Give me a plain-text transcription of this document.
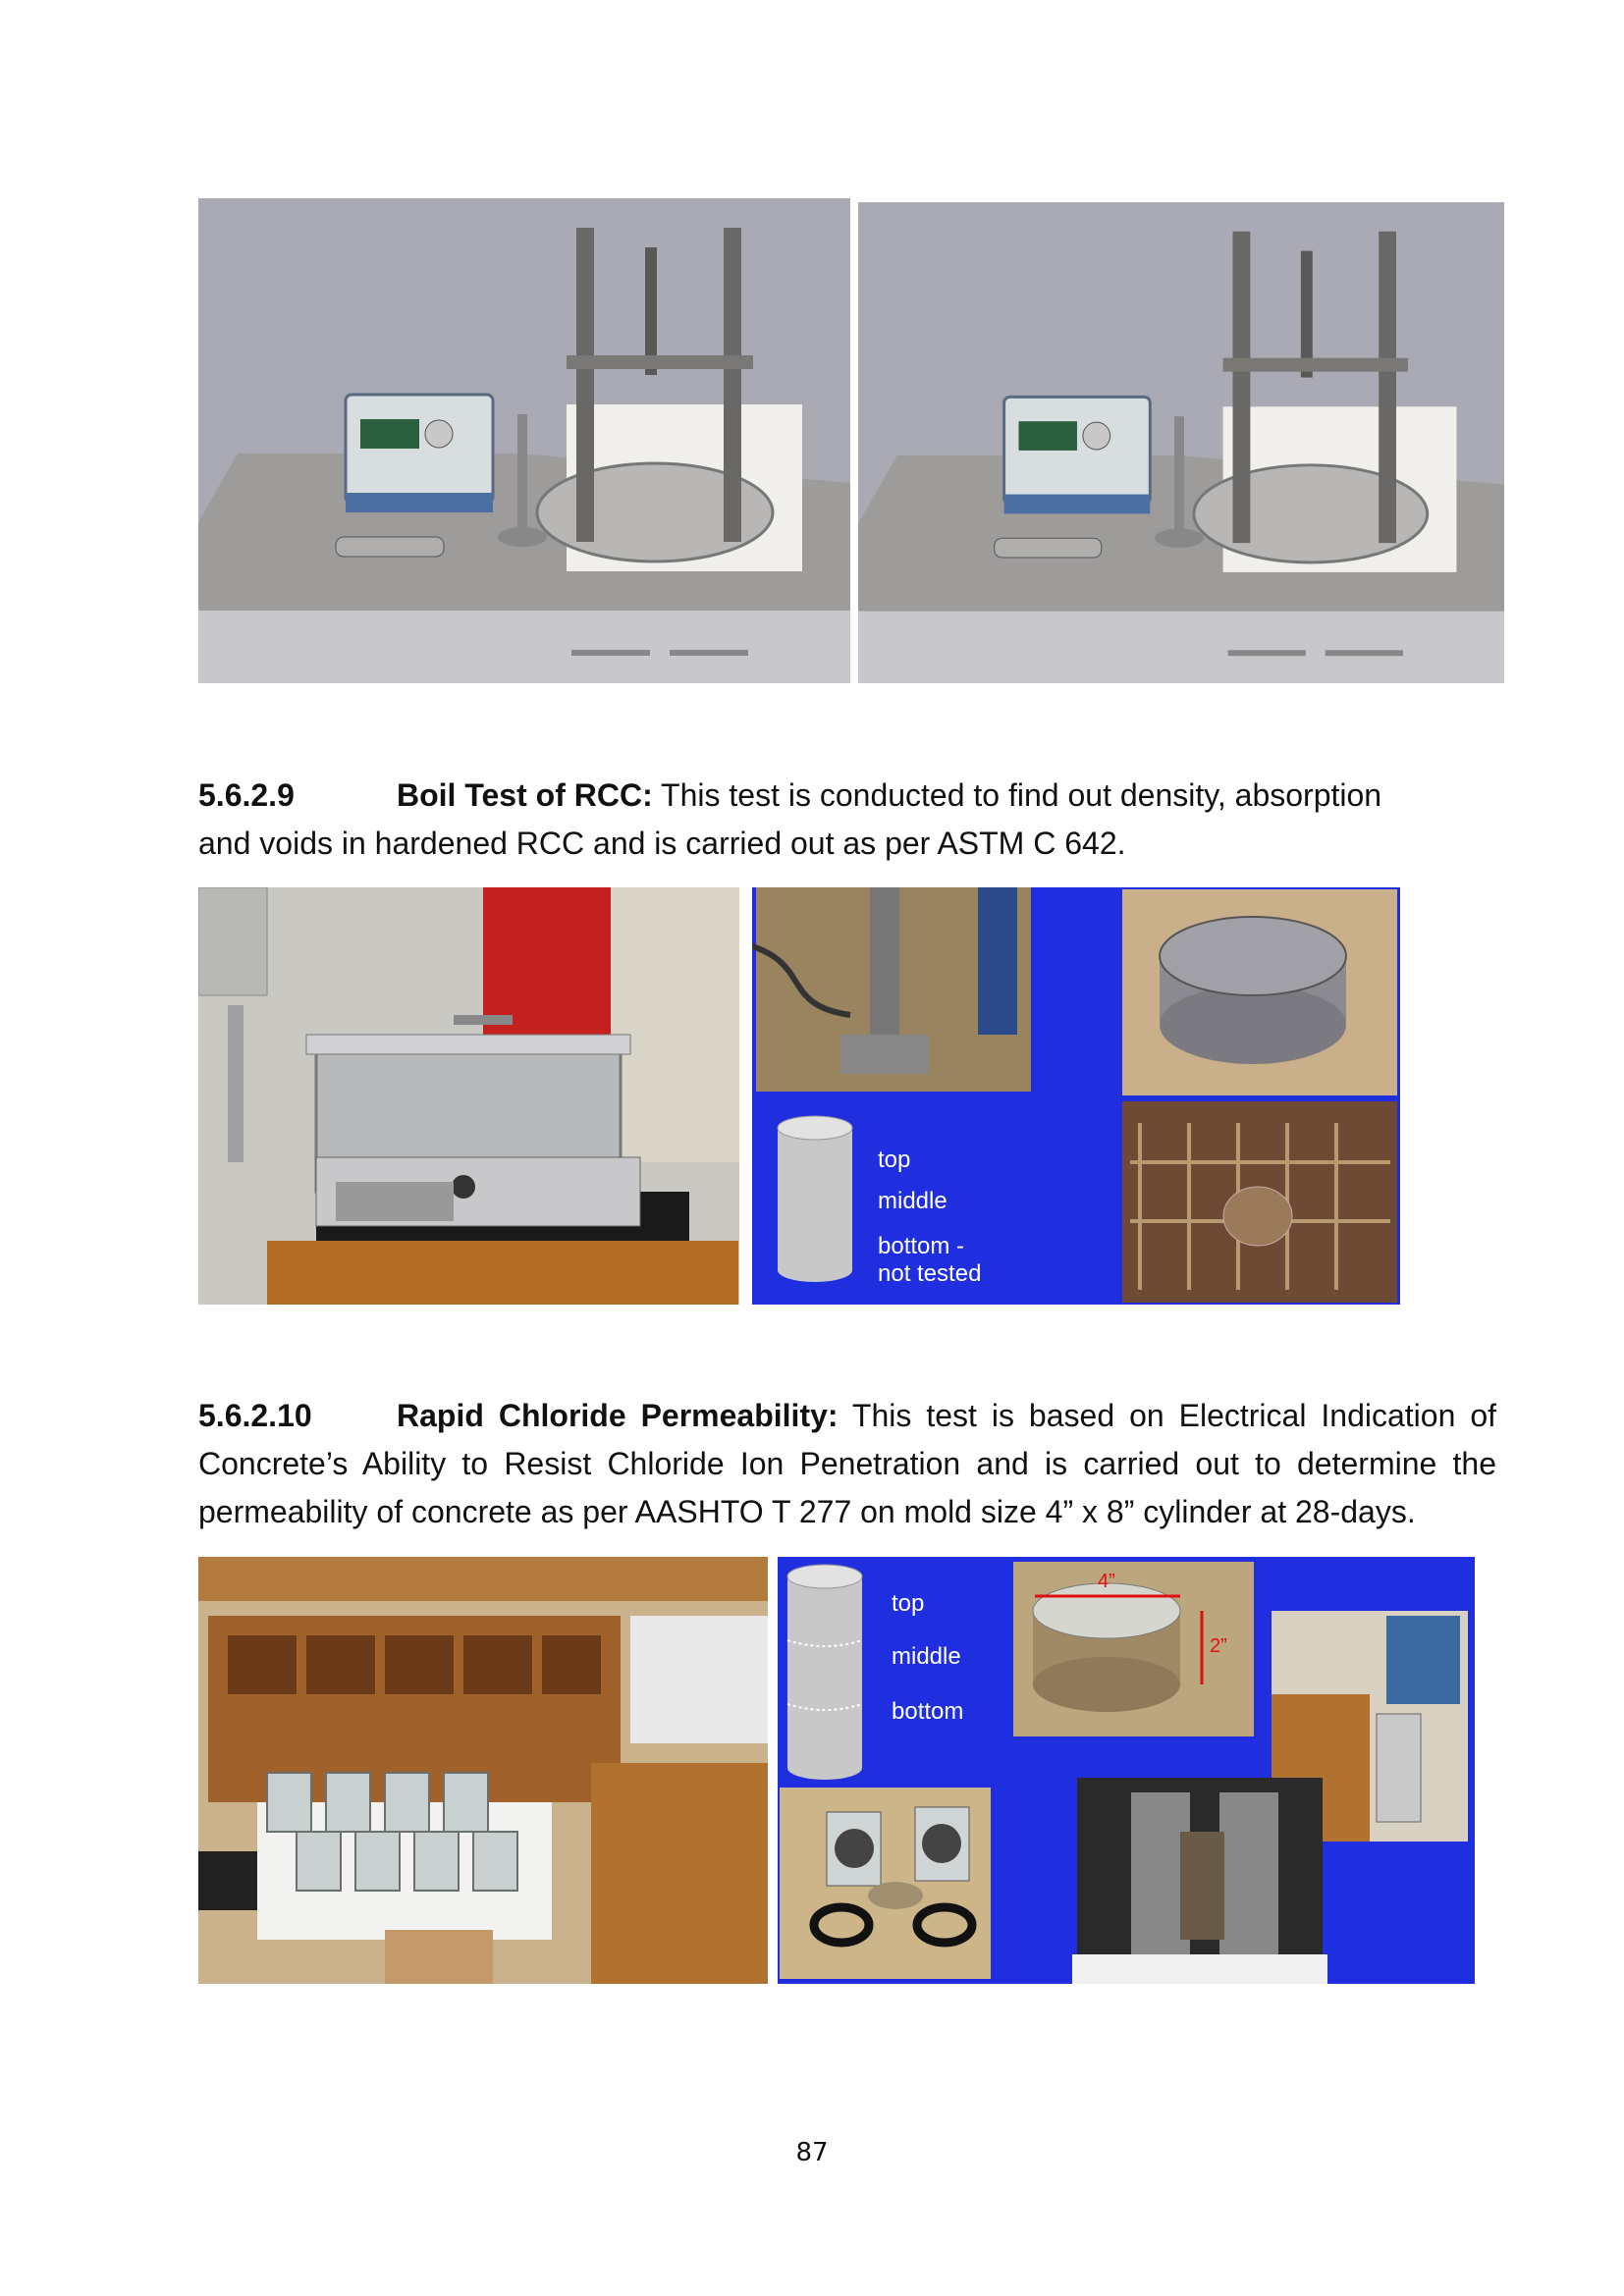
5.6.2.9	Boil Test of RCC: This test is conducted to find out density, absorption
and voids in hardened RCC and is carried out as per ASTM C 642.
top
middle
bottom -
not tested
5.6.2.10	Rapid Chloride Permeability: This test is based on Electrical Indication of Concrete’s Ability to Resist Chloride Ion Penetration and is carried out to determine the permeability of concrete as per AASHTO T 277 on mold size 4” x 8” cylinder at 28-days.
top
middle
bottom
4”
2”
87
